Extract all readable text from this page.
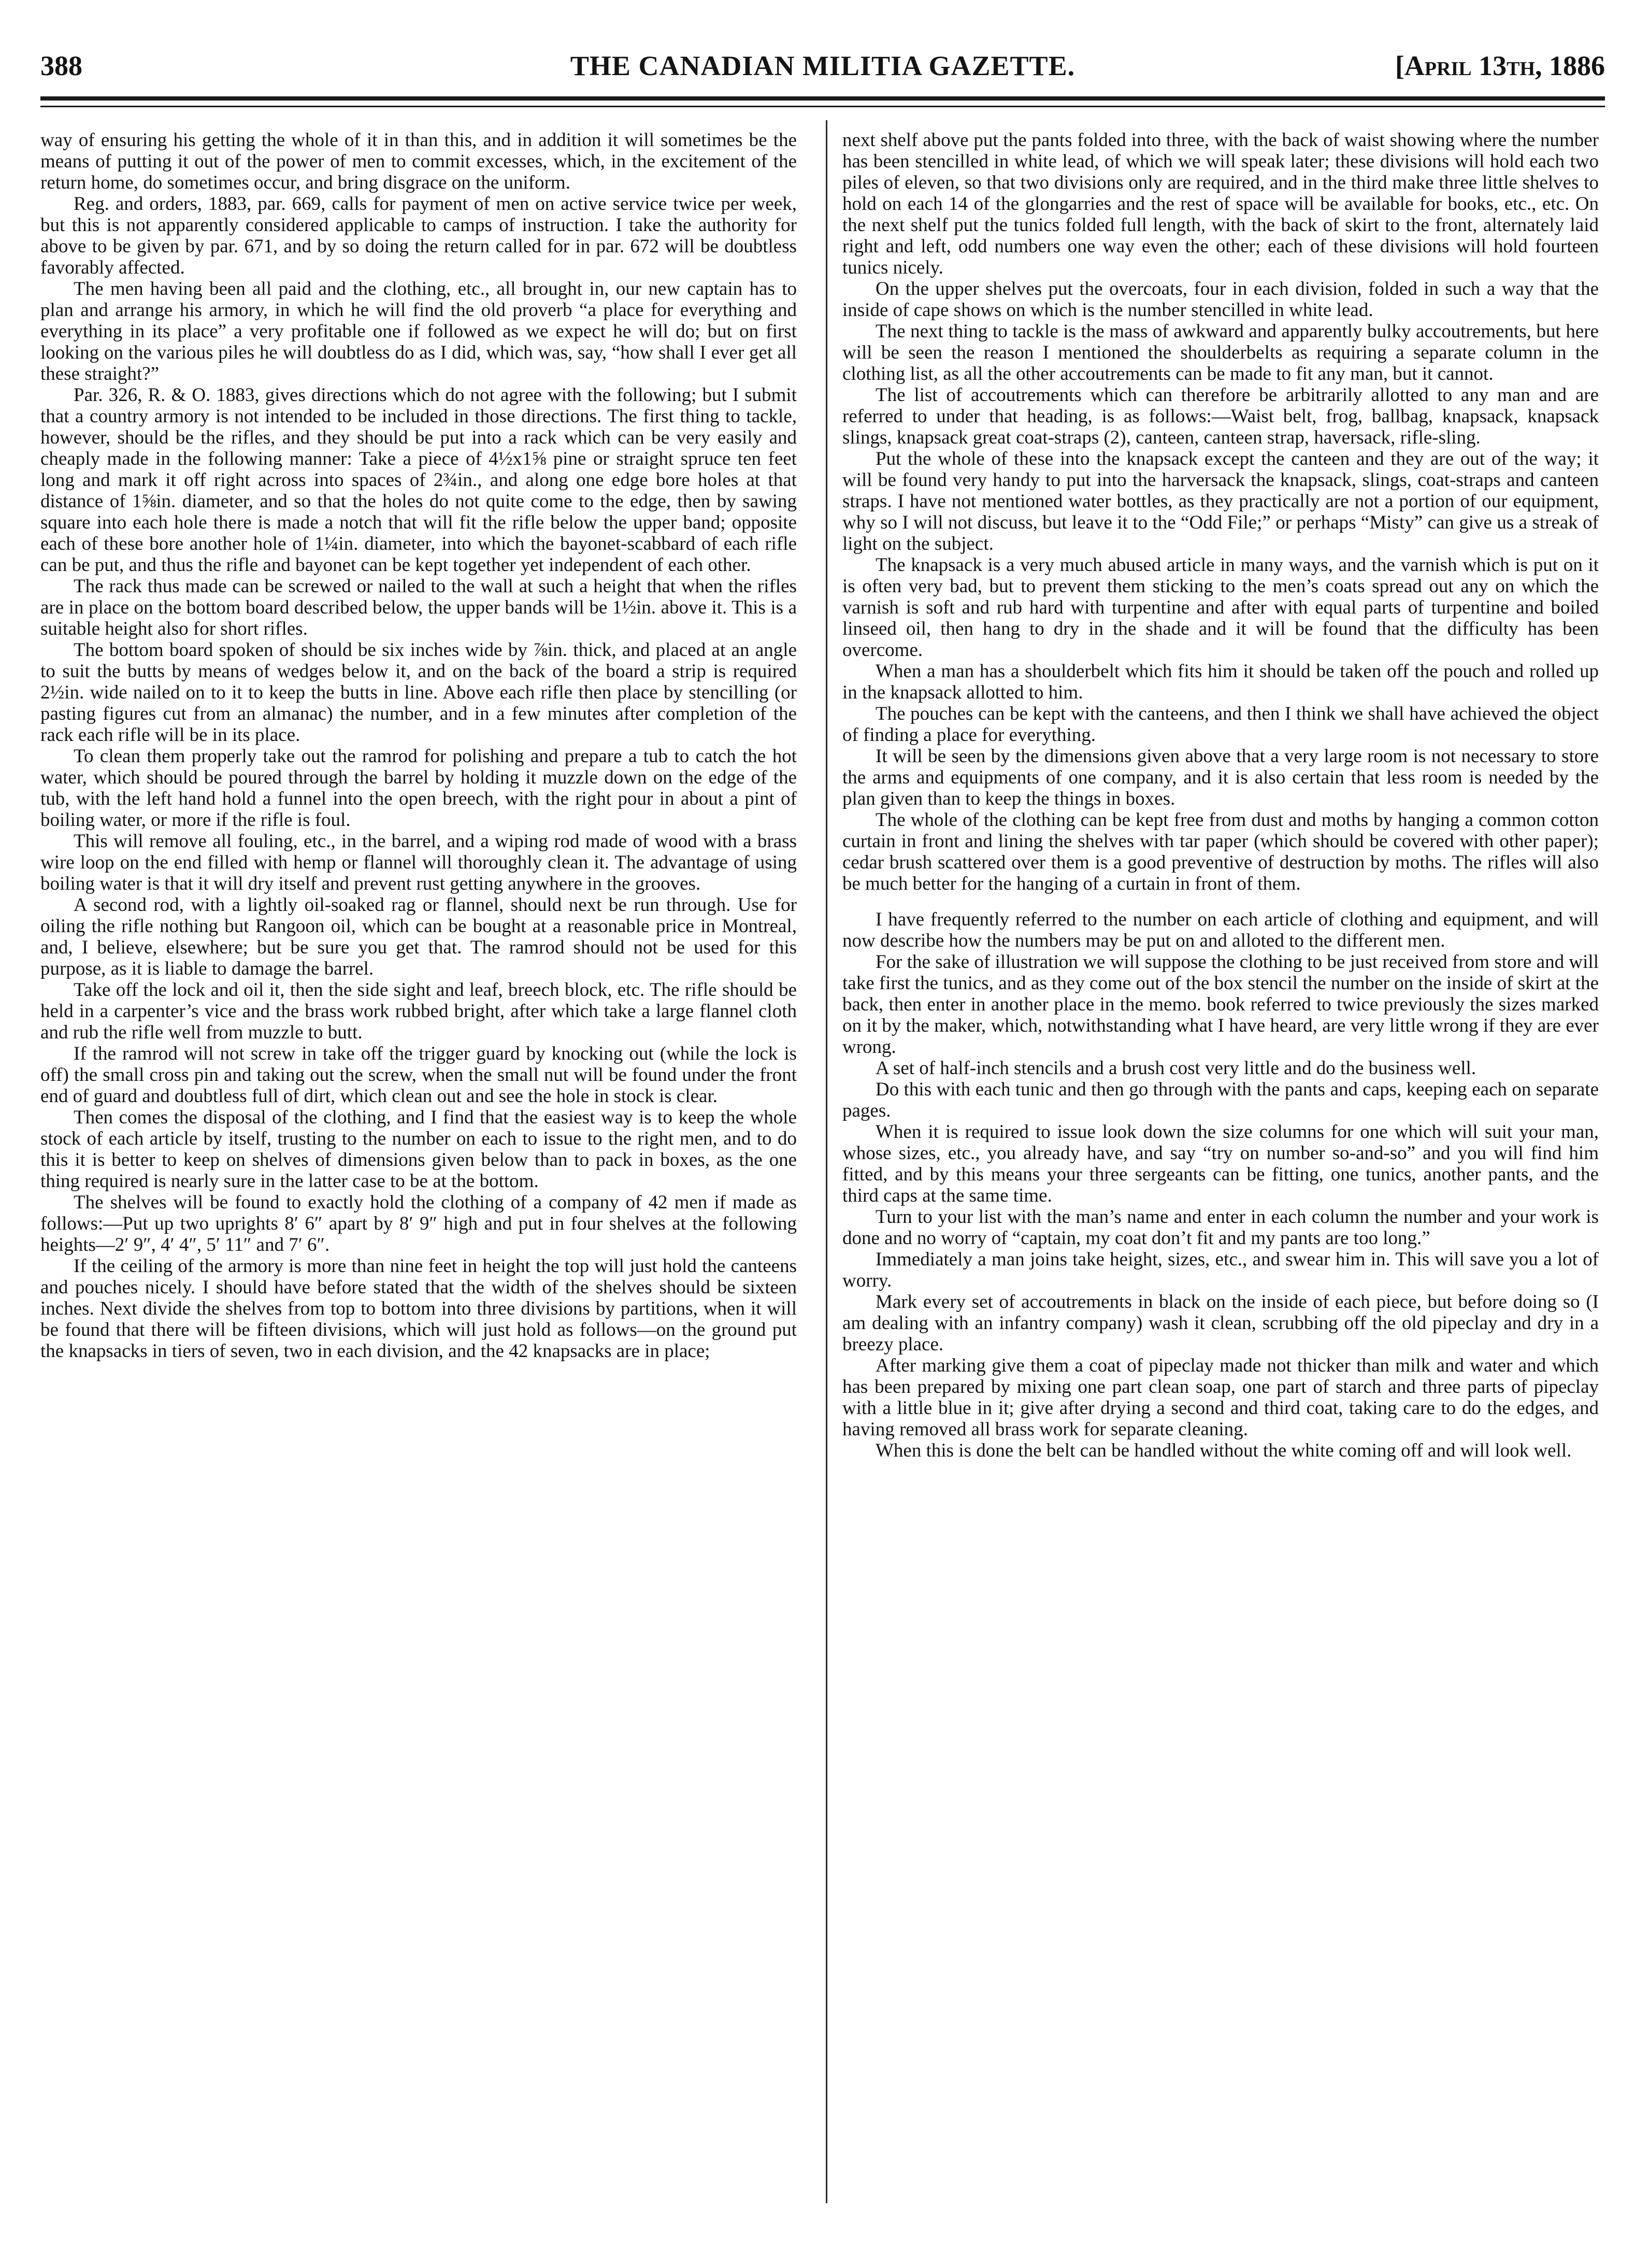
388	THE CANADIAN MILITIA GAZETTE.	[April 13th, 1886

way of ensuring his getting the whole of it in than this, and in addition it will sometimes be the means of putting it out of the power of men to commit excesses, which, in the excitement of the return home, do sometimes occur, and bring disgrace on the uniform.

Reg. and orders, 1883, par. 669, calls for payment of men on active service twice per week, but this is not apparently considered applicable to camps of instruction. I take the authority for above to be given by par. 671, and by so doing the return called for in par. 672 will be doubtless favorably affected.

The men having been all paid and the clothing, etc., all brought in, our new captain has to plan and arrange his armory, in which he will find the old proverb “a place for everything and everything in its place” a very profitable one if followed as we expect he will do; but on first looking on the various piles he will doubtless do as I did, which was, say, “how shall I ever get all these straight?”

Par. 326, R. & O. 1883, gives directions which do not agree with the following; but I submit that a country armory is not intended to be included in those directions. The first thing to tackle, however, should be the rifles, and they should be put into a rack which can be very easily and cheaply made in the following manner: Take a piece of 4½x1⅝ pine or straight spruce ten feet long and mark it off right across into spaces of 2¾in., and along one edge bore holes at that distance of 1⅝in. diameter, and so that the holes do not quite come to the edge, then by sawing square into each hole there is made a notch that will fit the rifle below the upper band; opposite each of these bore another hole of 1¼in. diameter, into which the bayonet-scabbard of each rifle can be put, and thus the rifle and bayonet can be kept together yet independent of each other.

The rack thus made can be screwed or nailed to the wall at such a height that when the rifles are in place on the bottom board described below, the upper bands will be 1½in. above it. This is a suitable height also for short rifles.

The bottom board spoken of should be six inches wide by ⅞in. thick, and placed at an angle to suit the butts by means of wedges below it, and on the back of the board a strip is required 2½in. wide nailed on to it to keep the butts in line. Above each rifle then place by stencilling (or pasting figures cut from an almanac) the number, and in a few minutes after completion of the rack each rifle will be in its place.

To clean them properly take out the ramrod for polishing and prepare a tub to catch the hot water, which should be poured through the barrel by holding it muzzle down on the edge of the tub, with the left hand hold a funnel into the open breech, with the right pour in about a pint of boiling water, or more if the rifle is foul.

This will remove all fouling, etc., in the barrel, and a wiping rod made of wood with a brass wire loop on the end filled with hemp or flannel will thoroughly clean it. The advantage of using boiling water is that it will dry itself and prevent rust getting anywhere in the grooves.

A second rod, with a lightly oil-soaked rag or flannel, should next be run through. Use for oiling the rifle nothing but Rangoon oil, which can be bought at a reasonable price in Montreal, and, I believe, elsewhere; but be sure you get that. The ramrod should not be used for this purpose, as it is liable to damage the barrel.

Take off the lock and oil it, then the side sight and leaf, breech block, etc. The rifle should be held in a carpenter’s vice and the brass work rubbed bright, after which take a large flannel cloth and rub the rifle well from muzzle to butt.

If the ramrod will not screw in take off the trigger guard by knocking out (while the lock is off) the small cross pin and taking out the screw, when the small nut will be found under the front end of guard and doubtless full of dirt, which clean out and see the hole in stock is clear.

Then comes the disposal of the clothing, and I find that the easiest way is to keep the whole stock of each article by itself, trusting to the number on each to issue to the right men, and to do this it is better to keep on shelves of dimensions given below than to pack in boxes, as the one thing required is nearly sure in the latter case to be at the bottom.

The shelves will be found to exactly hold the clothing of a company of 42 men if made as follows:—Put up two uprights 8′ 6″ apart by 8′ 9″ high and put in four shelves at the following heights—2′ 9″, 4′ 4″, 5′ 11″ and 7′ 6″.

If the ceiling of the armory is more than nine feet in height the top will just hold the canteens and pouches nicely. I should have before stated that the width of the shelves should be sixteen inches. Next divide the shelves from top to bottom into three divisions by partitions, when it will be found that there will be fifteen divisions, which will just hold as follows—on the ground put the knapsacks in tiers of seven, two in each division, and the 42 knapsacks are in place;

next shelf above put the pants folded into three, with the back of waist showing where the number has been stencilled in white lead, of which we will speak later; these divisions will hold each two piles of eleven, so that two divisions only are required, and in the third make three little shelves to hold on each 14 of the glongarries and the rest of space will be available for books, etc., etc. On the next shelf put the tunics folded full length, with the back of skirt to the front, alternately laid right and left, odd numbers one way even the other; each of these divisions will hold fourteen tunics nicely.

On the upper shelves put the overcoats, four in each division, folded in such a way that the inside of cape shows on which is the number stencilled in white lead.

The next thing to tackle is the mass of awkward and apparently bulky accoutrements, but here will be seen the reason I mentioned the shoulderbelts as requiring a separate column in the clothing list, as all the other accoutrements can be made to fit any man, but it cannot.

The list of accoutrements which can therefore be arbitrarily allotted to any man and are referred to under that heading, is as follows:—Waist belt, frog, ballbag, knapsack, knapsack slings, knapsack great coat-straps (2), canteen, canteen strap, haversack, rifle-sling.

Put the whole of these into the knapsack except the canteen and they are out of the way; it will be found very handy to put into the harversack the knapsack, slings, coat-straps and canteen straps. I have not mentioned water bottles, as they practically are not a portion of our equipment, why so I will not discuss, but leave it to the “Odd File;” or perhaps “Misty” can give us a streak of light on the subject.

The knapsack is a very much abused article in many ways, and the varnish which is put on it is often very bad, but to prevent them sticking to the men’s coats spread out any on which the varnish is soft and rub hard with turpentine and after with equal parts of turpentine and boiled linseed oil, then hang to dry in the shade and it will be found that the difficulty has been overcome.

When a man has a shoulderbelt which fits him it should be taken off the pouch and rolled up in the knapsack allotted to him.

The pouches can be kept with the canteens, and then I think we shall have achieved the object of finding a place for everything.

It will be seen by the dimensions given above that a very large room is not necessary to store the arms and equipments of one company, and it is also certain that less room is needed by the plan given than to keep the things in boxes.

The whole of the clothing can be kept free from dust and moths by hanging a common cotton curtain in front and lining the shelves with tar paper (which should be covered with other paper); cedar brush scattered over them is a good preventive of destruction by moths. The rifles will also be much better for the hanging of a curtain in front of them.

I have frequently referred to the number on each article of clothing and equipment, and will now describe how the numbers may be put on and alloted to the different men.

For the sake of illustration we will suppose the clothing to be just received from store and will take first the tunics, and as they come out of the box stencil the number on the inside of skirt at the back, then enter in another place in the memo. book referred to twice previously the sizes marked on it by the maker, which, notwithstanding what I have heard, are very little wrong if they are ever wrong.

A set of half-inch stencils and a brush cost very little and do the business well.

Do this with each tunic and then go through with the pants and caps, keeping each on separate pages.

When it is required to issue look down the size columns for one which will suit your man, whose sizes, etc., you already have, and say “try on number so-and-so” and you will find him fitted, and by this means your three sergeants can be fitting, one tunics, another pants, and the third caps at the same time.

Turn to your list with the man’s name and enter in each column the number and your work is done and no worry of “captain, my coat don’t fit and my pants are too long.”

Immediately a man joins take height, sizes, etc., and swear him in. This will save you a lot of worry.

Mark every set of accoutrements in black on the inside of each piece, but before doing so (I am dealing with an infantry company) wash it clean, scrubbing off the old pipeclay and dry in a breezy place.

After marking give them a coat of pipeclay made not thicker than milk and water and which has been prepared by mixing one part clean soap, one part of starch and three parts of pipeclay with a little blue in it; give after drying a second and third coat, taking care to do the edges, and having removed all brass work for separate cleaning.

When this is done the belt can be handled without the white coming off and will look well.
